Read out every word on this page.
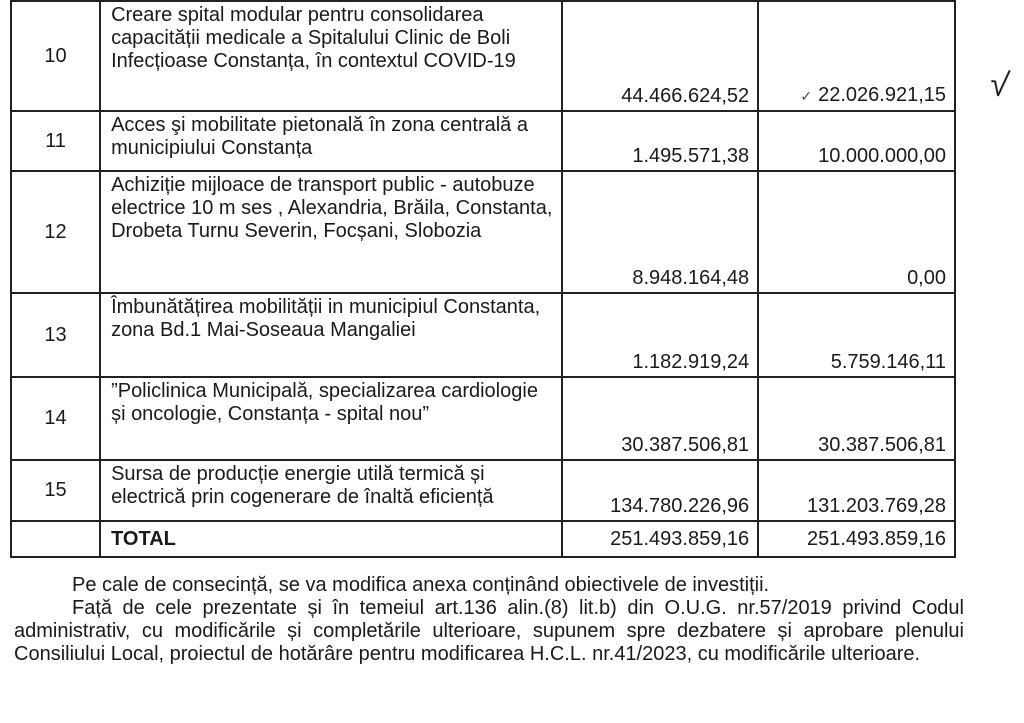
10	Creare spital modular pentru consolidarea capacității medicale a Spitalului Clinic de Boli Infecțioase Constanța, în contextul COVID-19	44.466.624,52	✓ 22.026.921,15
11	Acces şi mobilitate pietonală în zona centrală a municipiului Constanța	1.495.571,38	10.000.000,00
12	Achiziție mijloace de transport public - autobuze electrice 10 m ses , Alexandria, Brăila, Constanta, Drobeta Turnu Severin, Focșani, Slobozia	8.948.164,48	0,00
13	Îmbunătățirea mobilității in municipiul Constanta, zona Bd.1 Mai-Soseaua Mangaliei	1.182.919,24	5.759.146,11
14	”Policlinica Municipală, specializarea cardiologie și oncologie, Constanța - spital nou”	30.387.506,81	30.387.506,81
15	Sursa de producție energie utilă termică și electrică prin cogenerare de înaltă eficiență	134.780.226,96	131.203.769,28
	TOTAL	251.493.859,16	251.493.859,16
√

Pe cale de consecință, se va modifica anexa conținând obiectivele de investiții.

Față de cele prezentate și în temeiul art.136 alin.(8) lit.b) din O.U.G. nr.57/2019 privind Codul administrativ, cu modificările și completările ulterioare, supunem spre dezbatere și aprobare plenului Consiliului Local, proiectul de hotărâre pentru modificarea H.C.L. nr.41/2023, cu modificările ulterioare.
